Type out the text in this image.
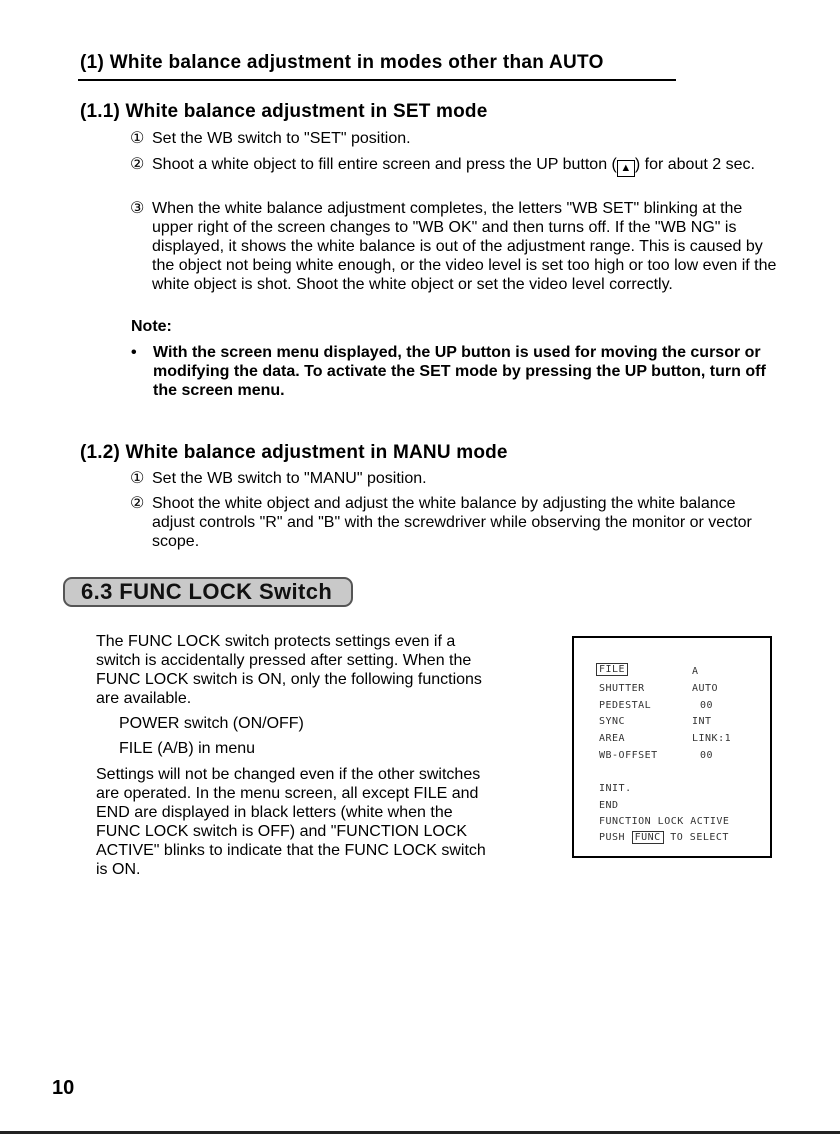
(1) White balance adjustment in modes other than AUTO
(1.1) White balance adjustment in SET mode
① Set the WB switch to "SET" position.
② Shoot a white object to fill entire screen and press the UP button ( ▲ ) for about 2 sec.
③ When the white balance adjustment completes, the letters "WB SET" blinking at the upper right of the screen changes to "WB OK" and then turns off. If the "WB NG" is displayed, it shows the white balance is out of the adjustment range. This is caused by the object not being white enough, or the video level is set too high or too low even if the white object is shot. Shoot the white object or set the video level correctly.
Note:
• With the screen menu displayed, the UP button is used for moving the cursor or modifying the data. To activate the SET mode by pressing the UP button, turn off the screen menu.
(1.2) White balance adjustment in MANU mode
① Set the WB switch to "MANU" position.
② Shoot the white object and adjust the white balance by adjusting the white balance adjust controls "R" and "B" with the screwdriver while observing the monitor or vector scope.
6.3 FUNC LOCK Switch
The FUNC LOCK switch protects settings even if a switch is accidentally pressed after setting. When the FUNC LOCK switch is ON, only the following functions are available.
POWER switch (ON/OFF)
FILE (A/B) in menu
Settings will not be changed even if the other switches are operated. In the menu screen, all except FILE and END are displayed in black letters (white when the FUNC LOCK switch is OFF) and "FUNCTION LOCK ACTIVE" blinks to indicate that the FUNC LOCK switch is ON.
FILE	A
SHUTTER	AUTO
PEDESTAL	00
SYNC	INT
AREA	LINK:1
WB-OFFSET	00
INIT.
END
FUNCTION LOCK ACTIVE
PUSH FUNC TO SELECT
10
